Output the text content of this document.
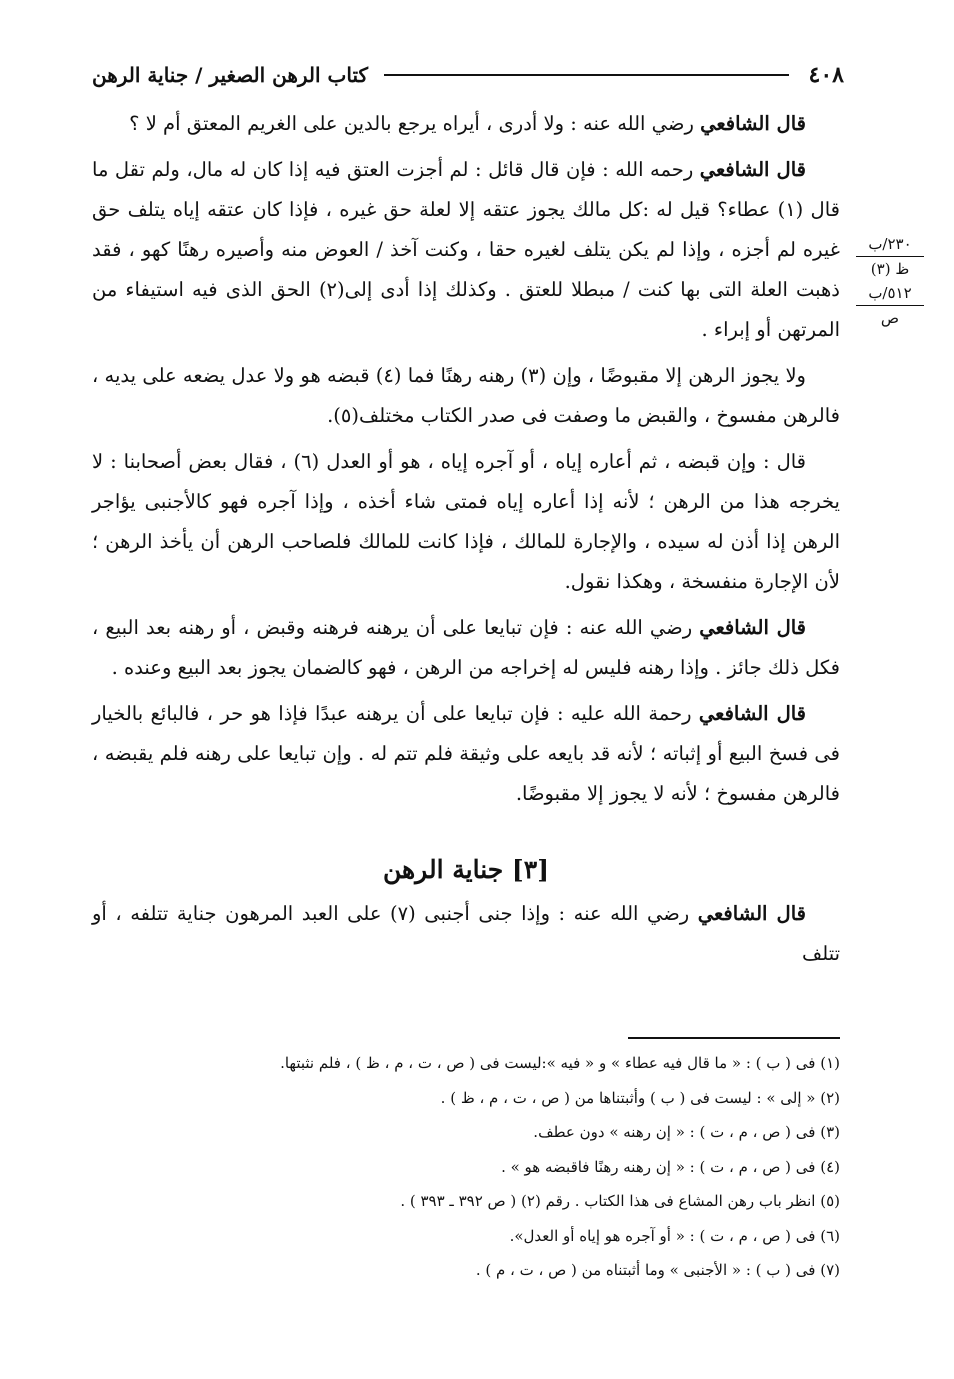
٤٠٨
كتاب الرهن الصغير / جناية الرهن
٢٣٠/ب
ظ (٣)
٥١٢/ب
ص

قال الشافعي رضي الله عنه : ولا أدرى ، أيراه يرجع بالدين على الغريم المعتق أم لا ؟

قال الشافعي رحمه الله : فإن قال قائل : لم أجزت العتق فيه إذا كان له مال، ولم تقل ما قال (١) عطاء؟ قيل له :كل مالك يجوز عتقه إلا لعلة حق غيره ، فإذا كان عتقه إياه يتلف حق غيره لم أجزه ، وإذا لم يكن يتلف لغيره حقا ، وكنت آخذ / العوض منه وأصيره رهنًا كهو ، فقد ذهبت العلة التى بها كنت / مبطلا للعتق . وكذلك إذا أدى إلى(٢) الحق الذى فيه استيفاء من المرتهن أو إبراء .

ولا يجوز الرهن إلا مقبوضًا ، وإن (٣) رهنه رهنًا فما (٤) قبضه هو ولا عدل يضعه على يديه ، فالرهن مفسوخ ، والقبض ما وصفت فى صدر الكتاب مختلف(٥).

قال : وإن قبضه ، ثم أعاره إياه ، أو آجره إياه ، هو أو العدل (٦) ، فقال بعض أصحابنا : لا يخرجه هذا من الرهن ؛ لأنه إذا أعاره إياه فمتى شاء أخذه ، وإذا آجره فهو كالأجنبى يؤاجر الرهن إذا أذن له سيده ، والإجارة للمالك ، فإذا كانت للمالك فلصاحب الرهن أن يأخذ الرهن ؛ لأن الإجارة منفسخة ، وهكذا نقول.

قال الشافعي رضي الله عنه : فإن تبايعا على أن يرهنه فرهنه وقبض ، أو رهنه بعد البيع ، فكل ذلك جائز . وإذا رهنه فليس له إخراجه من الرهن ، فهو كالضمان يجوز بعد البيع وعنده .

قال الشافعي رحمة الله عليه : فإن تبايعا على أن يرهنه عبدًا فإذا هو حر ، فالبائع بالخيار فى فسخ البيع أو إثباته ؛ لأنه قد بايعه على وثيقة فلم تتم له . وإن تبايعا على رهنه فلم يقبضه ، فالرهن مفسوخ ؛ لأنه لا يجوز إلا مقبوضًا.

[٣] جناية الرهن

قال الشافعي رضي الله عنه : وإذا جنى أجنبى (٧) على العبد المرهون جناية تتلفه ، أو تتلف

(١) فى ( ب ) : « ما قال فيه عطاء » و « فيه »:ليست فى ( ص ، ت ، م ، ظ ) ، فلم نثبتها.
(٢) « إلى » : ليست فى ( ب ) وأثبتناها من ( ص ، ت ، م ، ظ ) .
(٣) فى ( ص ، م ، ت ) : « إن رهنه » دون عطف.
(٤) فى ( ص ، م ، ت ) : « إن رهنه رهنًا فاقبضه هو » .
(٥) انظر باب رهن المشاع فى هذا الكتاب . رقم (٢) ( ص ٣٩٢ ـ ٣٩٣ ) .
(٦) فى ( ص ، م ، ت ) : « أو آجره هو إياه أو العدل».
(٧) فى ( ب ) : « الأجنبى » وما أثبتناه من ( ص ، ت ، م ) .
